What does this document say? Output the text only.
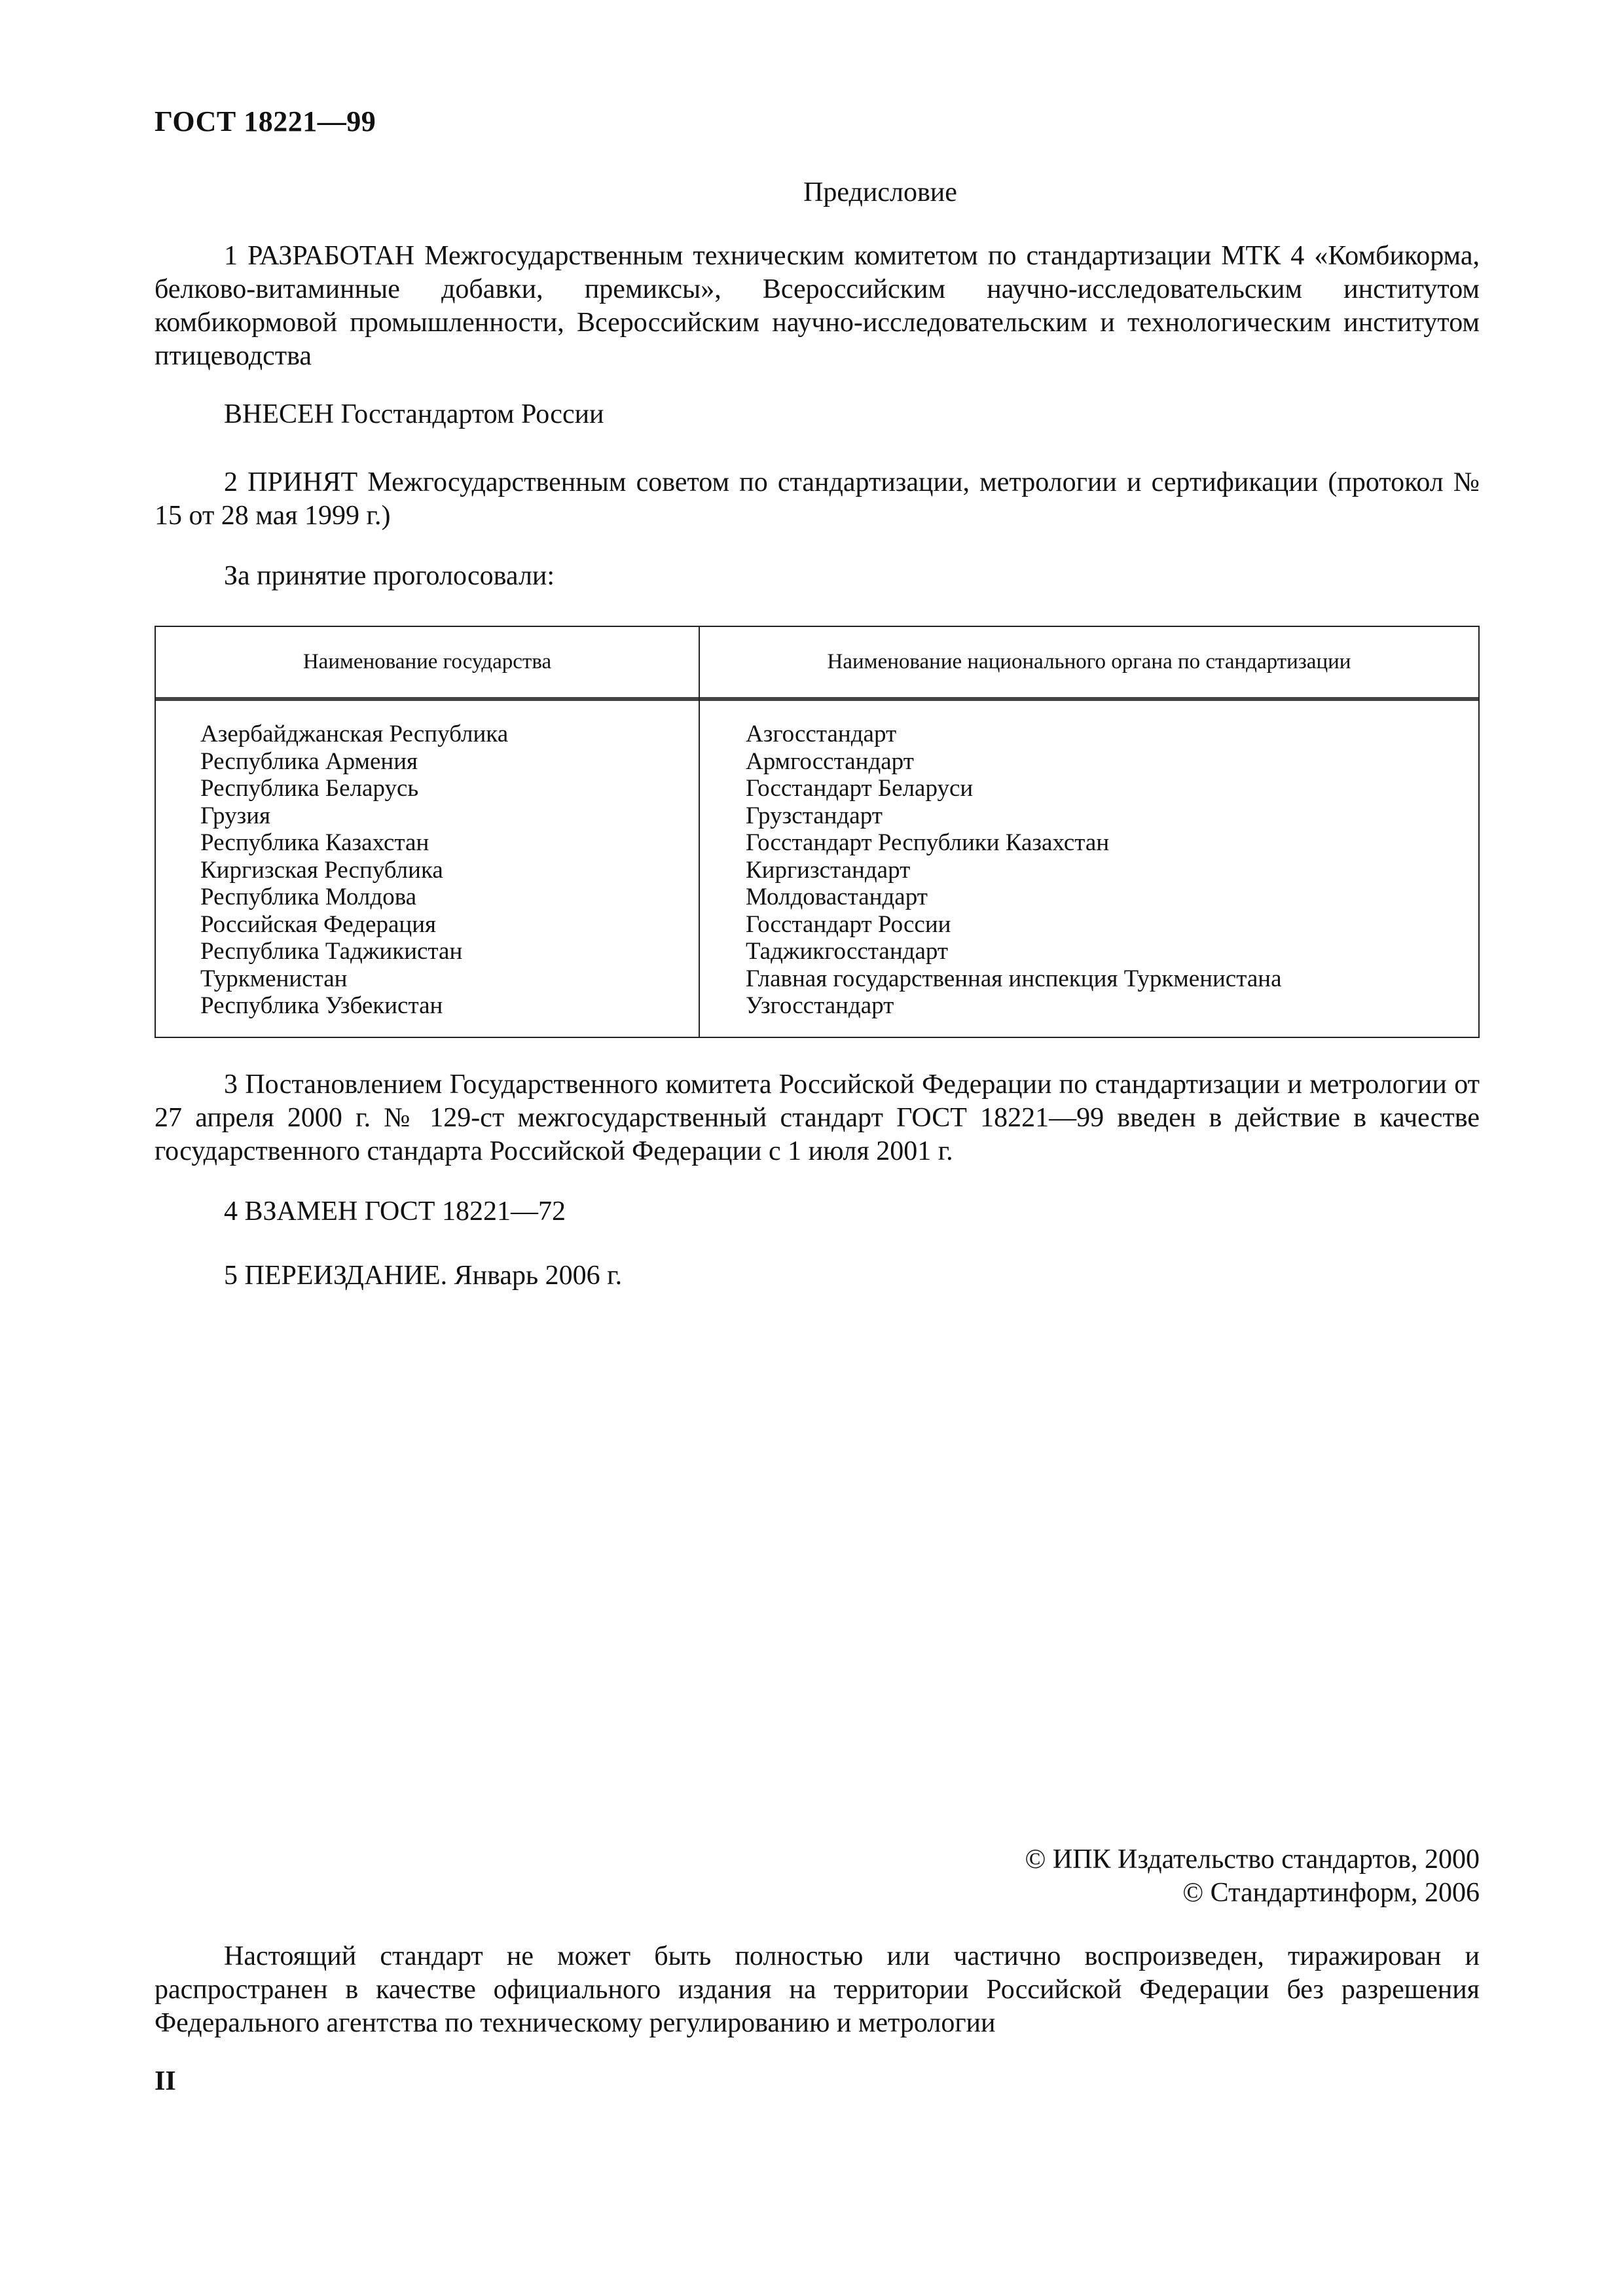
ГОСТ 18221—99
Предисловие

1 РАЗРАБОТАН Межгосударственным техническим комитетом по стандартизации МТК 4 «Комбикорма, белково-витаминные добавки, премиксы», Всероссийским научно-исследовательским институтом комбикормовой промышленности, Всероссийским научно-исследовательским и технологическим институтом птицеводства

ВНЕСЕН Госстандартом России

2 ПРИНЯТ Межгосударственным советом по стандартизации, метрологии и сертификации (протокол № 15 от 28 мая 1999 г.)

За принятие проголосовали:

Наименование государства	Наименование национального органа по стандартизации
Азербайджанская Республика
Республика Армения
Республика Беларусь
Грузия
Республика Казахстан
Киргизская Республика
Республика Молдова
Российская Федерация
Республика Таджикистан
Туркменистан
Республика Узбекистан
Азгосстандарт
Армгосстандарт
Госстандарт Беларуси
Грузстандарт
Госстандарт Республики Казахстан
Киргизстандарт
Молдовастандарт
Госстандарт России
Таджикгосстандарт
Главная государственная инспекция Туркменистана
Узгосстандарт

3 Постановлением Государственного комитета Российской Федерации по стандартизации и метрологии от 27 апреля 2000 г. № 129-ст межгосударственный стандарт ГОСТ 18221—99 введен в действие в качестве государственного стандарта Российской Федерации с 1 июля 2001 г.

4 ВЗАМЕН ГОСТ 18221—72

5 ПЕРЕИЗДАНИЕ. Январь 2006 г.

© ИПК Издательство стандартов, 2000
© Стандартинформ, 2006

Настоящий стандарт не может быть полностью или частично воспроизведен, тиражирован и распространен в качестве официального издания на территории Российской Федерации без разрешения Федерального агентства по техническому регулированию и метрологии

II
